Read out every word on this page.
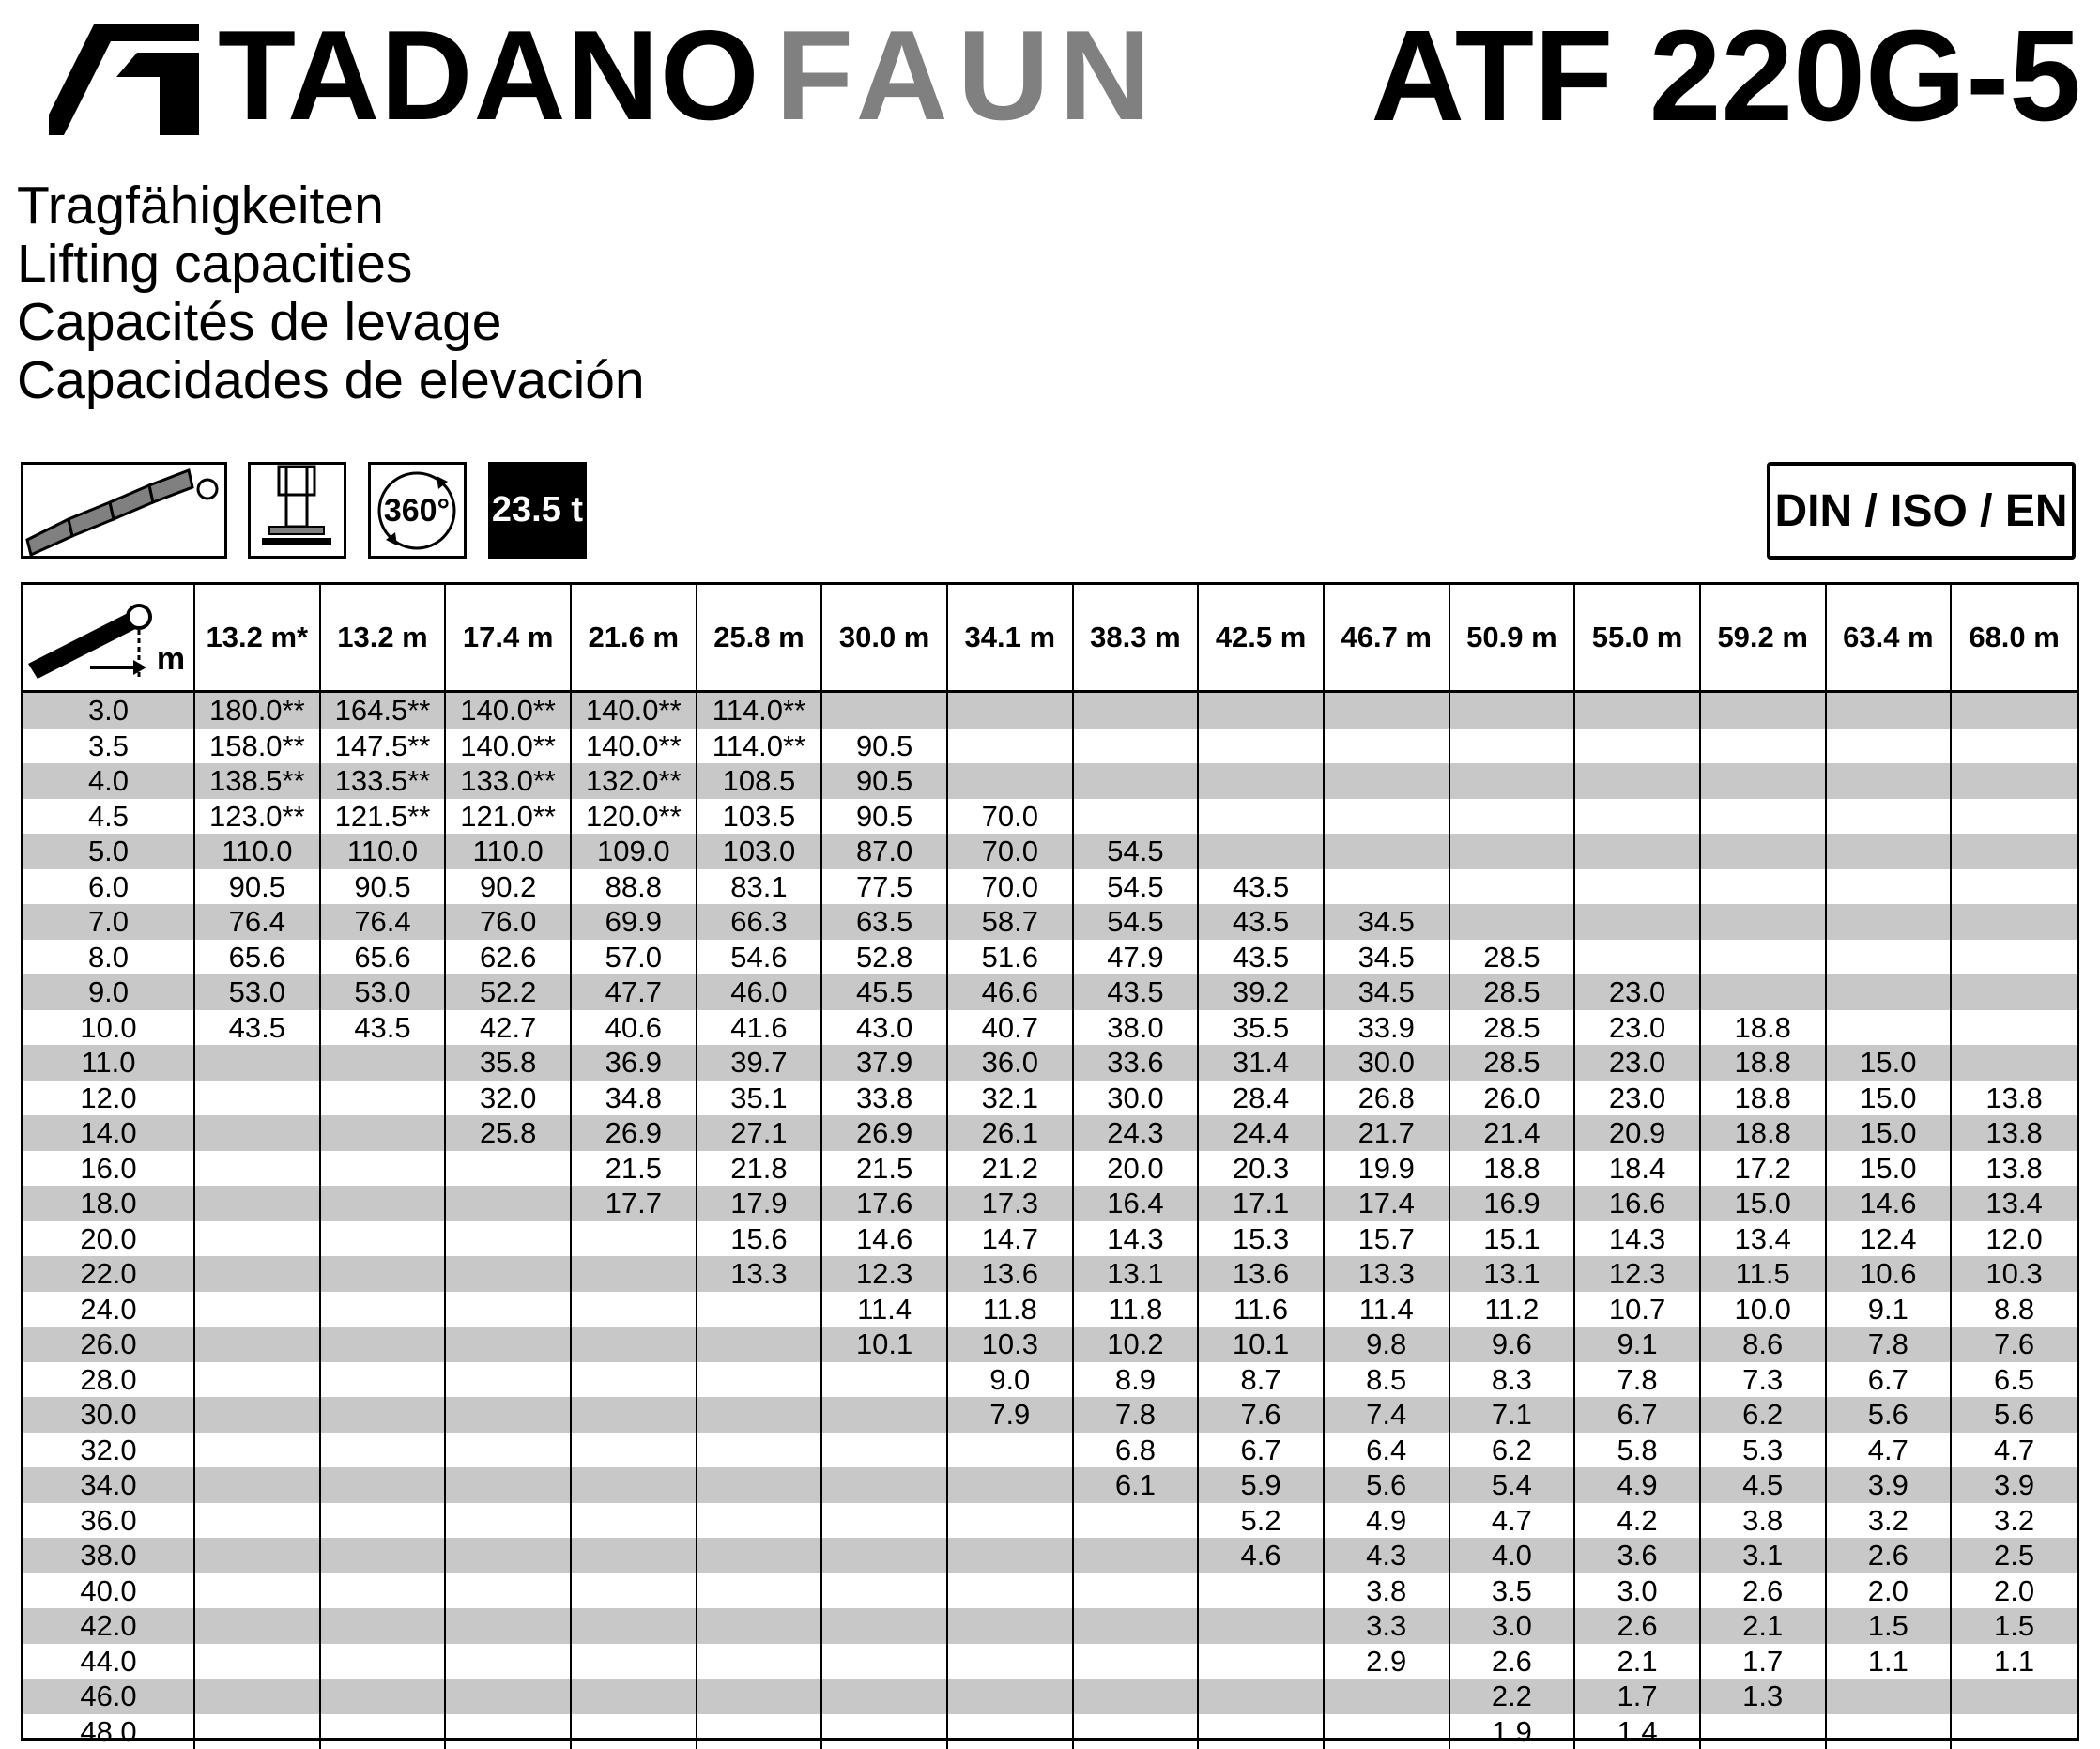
TADANO FAUN ATF 220G-5
Tragfähigkeiten
Lifting capacities
Capacités de levage
Capacidades de elevación
360° 23.5 t	DIN / ISO / EN
m	13.2 m*	13.2 m	17.4 m	21.6 m	25.8 m	30.0 m	34.1 m	38.3 m	42.5 m	46.7 m	50.9 m	55.0 m	59.2 m	63.4 m	68.0 m
3.0	180.0**	164.5**	140.0**	140.0**	114.0**										
3.5	158.0**	147.5**	140.0**	140.0**	114.0**	90.5									
4.0	138.5**	133.5**	133.0**	132.0**	108.5	90.5									
4.5	123.0**	121.5**	121.0**	120.0**	103.5	90.5	70.0								
5.0	110.0	110.0	110.0	109.0	103.0	87.0	70.0	54.5							
6.0	90.5	90.5	90.2	88.8	83.1	77.5	70.0	54.5	43.5						
7.0	76.4	76.4	76.0	69.9	66.3	63.5	58.7	54.5	43.5	34.5					
8.0	65.6	65.6	62.6	57.0	54.6	52.8	51.6	47.9	43.5	34.5	28.5				
9.0	53.0	53.0	52.2	47.7	46.0	45.5	46.6	43.5	39.2	34.5	28.5	23.0			
10.0	43.5	43.5	42.7	40.6	41.6	43.0	40.7	38.0	35.5	33.9	28.5	23.0	18.8		
11.0			35.8	36.9	39.7	37.9	36.0	33.6	31.4	30.0	28.5	23.0	18.8	15.0	
12.0			32.0	34.8	35.1	33.8	32.1	30.0	28.4	26.8	26.0	23.0	18.8	15.0	13.8
14.0			25.8	26.9	27.1	26.9	26.1	24.3	24.4	21.7	21.4	20.9	18.8	15.0	13.8
16.0				21.5	21.8	21.5	21.2	20.0	20.3	19.9	18.8	18.4	17.2	15.0	13.8
18.0				17.7	17.9	17.6	17.3	16.4	17.1	17.4	16.9	16.6	15.0	14.6	13.4
20.0					15.6	14.6	14.7	14.3	15.3	15.7	15.1	14.3	13.4	12.4	12.0
22.0					13.3	12.3	13.6	13.1	13.6	13.3	13.1	12.3	11.5	10.6	10.3
24.0						11.4	11.8	11.8	11.6	11.4	11.2	10.7	10.0	9.1	8.8
26.0						10.1	10.3	10.2	10.1	9.8	9.6	9.1	8.6	7.8	7.6
28.0							9.0	8.9	8.7	8.5	8.3	7.8	7.3	6.7	6.5
30.0							7.9	7.8	7.6	7.4	7.1	6.7	6.2	5.6	5.6
32.0								6.8	6.7	6.4	6.2	5.8	5.3	4.7	4.7
34.0								6.1	5.9	5.6	5.4	4.9	4.5	3.9	3.9
36.0									5.2	4.9	4.7	4.2	3.8	3.2	3.2
38.0									4.6	4.3	4.0	3.6	3.1	2.6	2.5
40.0										3.8	3.5	3.0	2.6	2.0	2.0
42.0										3.3	3.0	2.6	2.1	1.5	1.5
44.0										2.9	2.6	2.1	1.7	1.1	1.1
46.0											2.2	1.7	1.3		
48.0											1.9	1.4			
